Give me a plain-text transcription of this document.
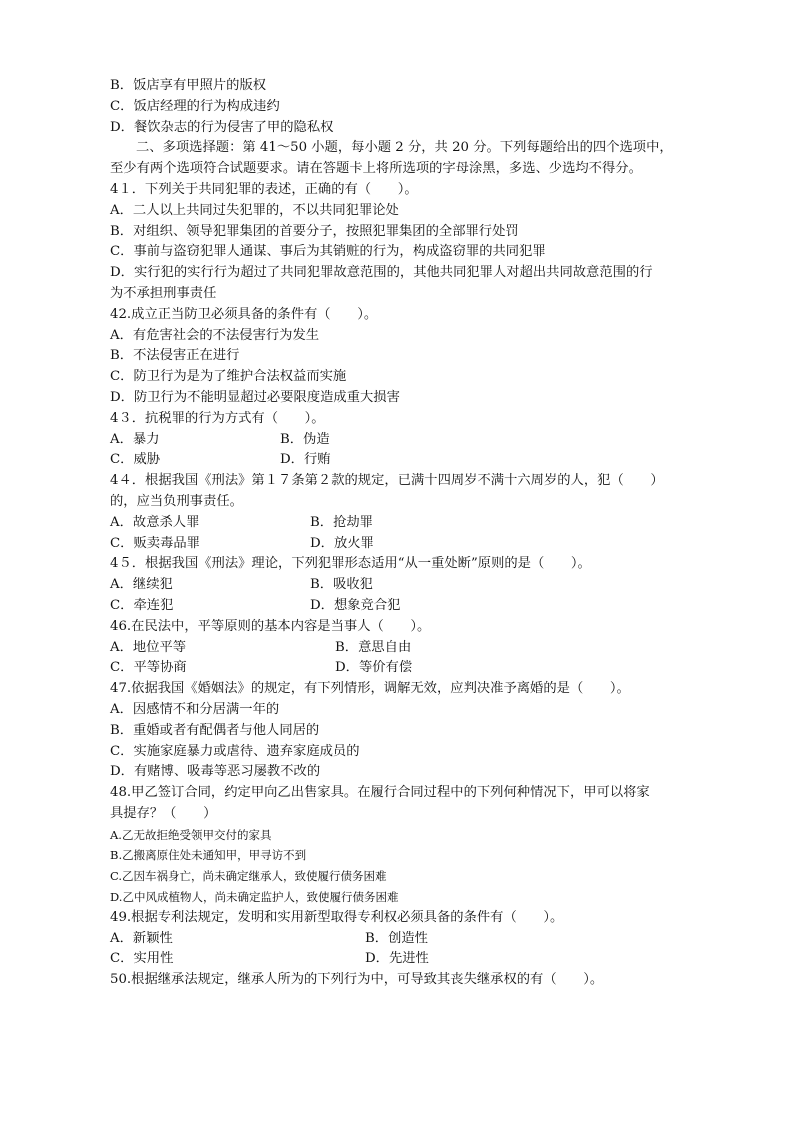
B．饭店享有甲照片的版权
C．饭店经理的行为构成违约
D．餐饮杂志的行为侵害了甲的隐私权
二、多项选择题：第 41～50 小题，每小题 2 分，共 20 分。下列每题给出的四个选项中，
至少有两个选项符合试题要求。请在答题卡上将所选项的字母涂黑，多选、少选均不得分。
4１．下列关于共同犯罪的表述，正确的有（　　）。
A．二人以上共同过失犯罪的，不以共同犯罪论处
B．对组织、领导犯罪集团的首要分子，按照犯罪集团的全部罪行处罚
C．事前与盗窃犯罪人通谋、事后为其销赃的行为，构成盗窃罪的共同犯罪
D．实行犯的实行行为超过了共同犯罪故意范围的，其他共同犯罪人对超出共同故意范围的行
为不承担刑事责任
42.成立正当防卫必须具备的条件有（　　）。
A．有危害社会的不法侵害行为发生
B．不法侵害正在进行
C．防卫行为是为了维护合法权益而实施
D．防卫行为不能明显超过必要限度造成重大损害
4３．抗税罪的行为方式有（　　）。
A．暴力	B．伪造
C．威胁	D．行贿
4４．根据我国《刑法》第１７条第２款的规定，已满十四周岁不满十六周岁的人，犯（　　）
的，应当负刑事责任。
A．故意杀人罪	B．抢劫罪
C．贩卖毒品罪	D．放火罪
4５．根据我国《刑法》理论，下列犯罪形态适用“从一重处断”原则的是（　　）。
A．继续犯	B．吸收犯
C．牵连犯	D．想象竞合犯
46.在民法中，平等原则的基本内容是当事人（　　）。
A．地位平等	B．意思自由
C．平等协商	D．等价有偿
47.依据我国《婚姻法》的规定，有下列情形，调解无效，应判决准予离婚的是（　　）。
A．因感情不和分居满一年的
B．重婚或者有配偶者与他人同居的
C．实施家庭暴力或虐待、遗弃家庭成员的
D．有赌博、吸毒等恶习屡教不改的
48.甲乙签订合同，约定甲向乙出售家具。在履行合同过程中的下列何种情况下，甲可以将家
具提存？（　　）
A.乙无故拒绝受领甲交付的家具
B.乙搬离原住处未通知甲，甲寻访不到
C.乙因车祸身亡，尚未确定继承人，致使履行债务困难
D.乙中风成植物人，尚未确定监护人，致使履行债务困难
49.根据专利法规定，发明和实用新型取得专利权必须具备的条件有（　　）。
A．新颖性	B．创造性
C．实用性	D．先进性
50.根据继承法规定，继承人所为的下列行为中，可导致其丧失继承权的有（　　）。
